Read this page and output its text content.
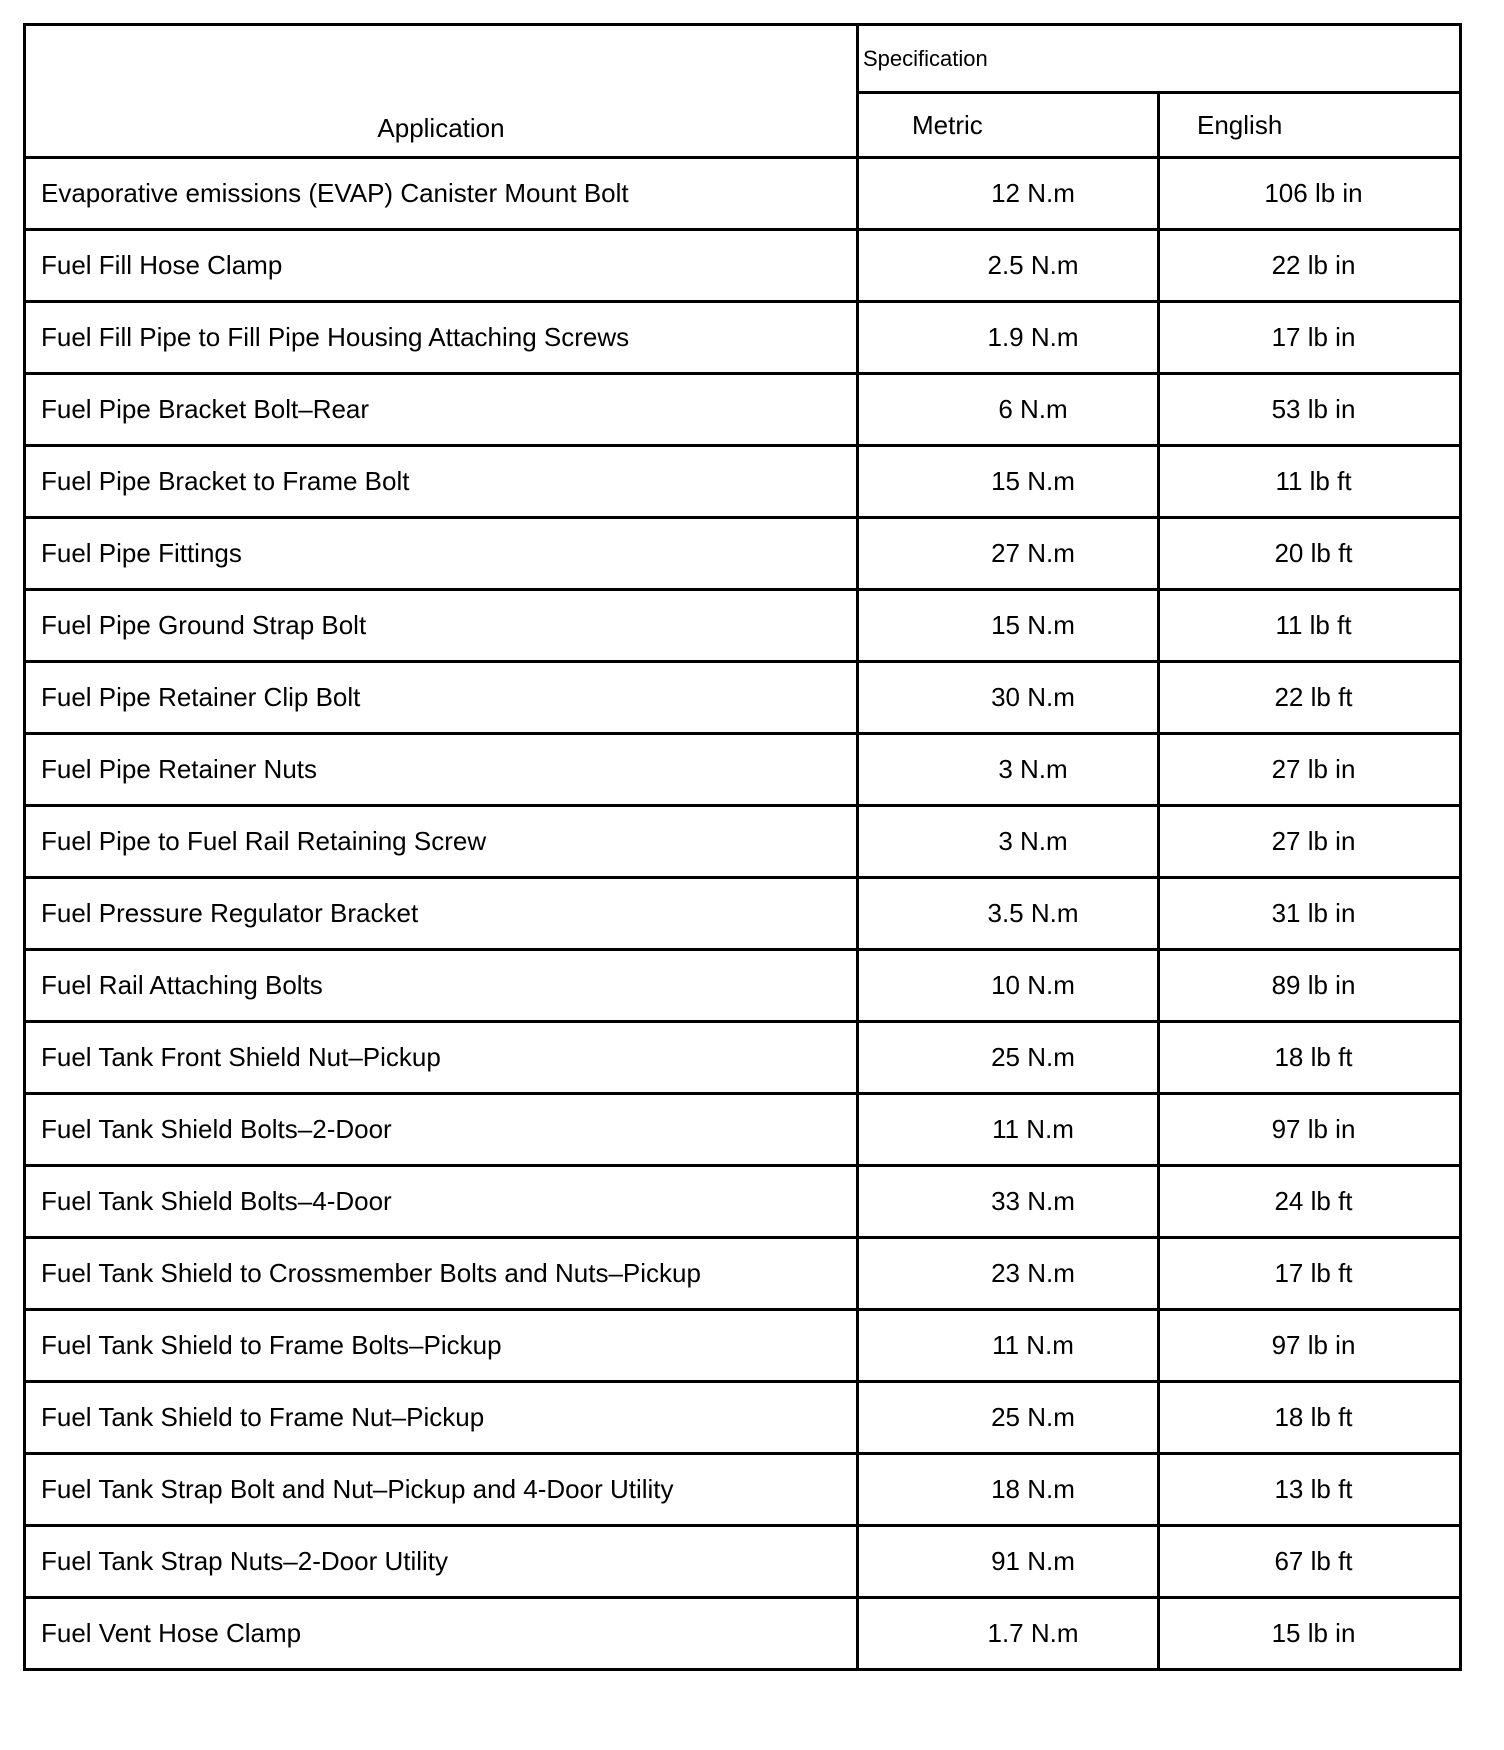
Application	Specification	
	Metric	English
Evaporative emissions (EVAP) Canister Mount Bolt	12 N.m	106 lb in
Fuel Fill Hose Clamp	2.5 N.m	22 lb in
Fuel Fill Pipe to Fill Pipe Housing Attaching Screws	1.9 N.m	17 lb in
Fuel Pipe Bracket Bolt–Rear	6 N.m	53 lb in
Fuel Pipe Bracket to Frame Bolt	15 N.m	11 lb ft
Fuel Pipe Fittings	27 N.m	20 lb ft
Fuel Pipe Ground Strap Bolt	15 N.m	11 lb ft
Fuel Pipe Retainer Clip Bolt	30 N.m	22 lb ft
Fuel Pipe Retainer Nuts	3 N.m	27 lb in
Fuel Pipe to Fuel Rail Retaining Screw	3 N.m	27 lb in
Fuel Pressure Regulator Bracket	3.5 N.m	31 lb in
Fuel Rail Attaching Bolts	10 N.m	89 lb in
Fuel Tank Front Shield Nut–Pickup	25 N.m	18 lb ft
Fuel Tank Shield Bolts–2-Door	11 N.m	97 lb in
Fuel Tank Shield Bolts–4-Door	33 N.m	24 lb ft
Fuel Tank Shield to Crossmember Bolts and Nuts–Pickup	23 N.m	17 lb ft
Fuel Tank Shield to Frame Bolts–Pickup	11 N.m	97 lb in
Fuel Tank Shield to Frame Nut–Pickup	25 N.m	18 lb ft
Fuel Tank Strap Bolt and Nut–Pickup and 4-Door Utility	18 N.m	13 lb ft
Fuel Tank Strap Nuts–2-Door Utility	91 N.m	67 lb ft
Fuel Vent Hose Clamp	1.7 N.m	15 lb in
